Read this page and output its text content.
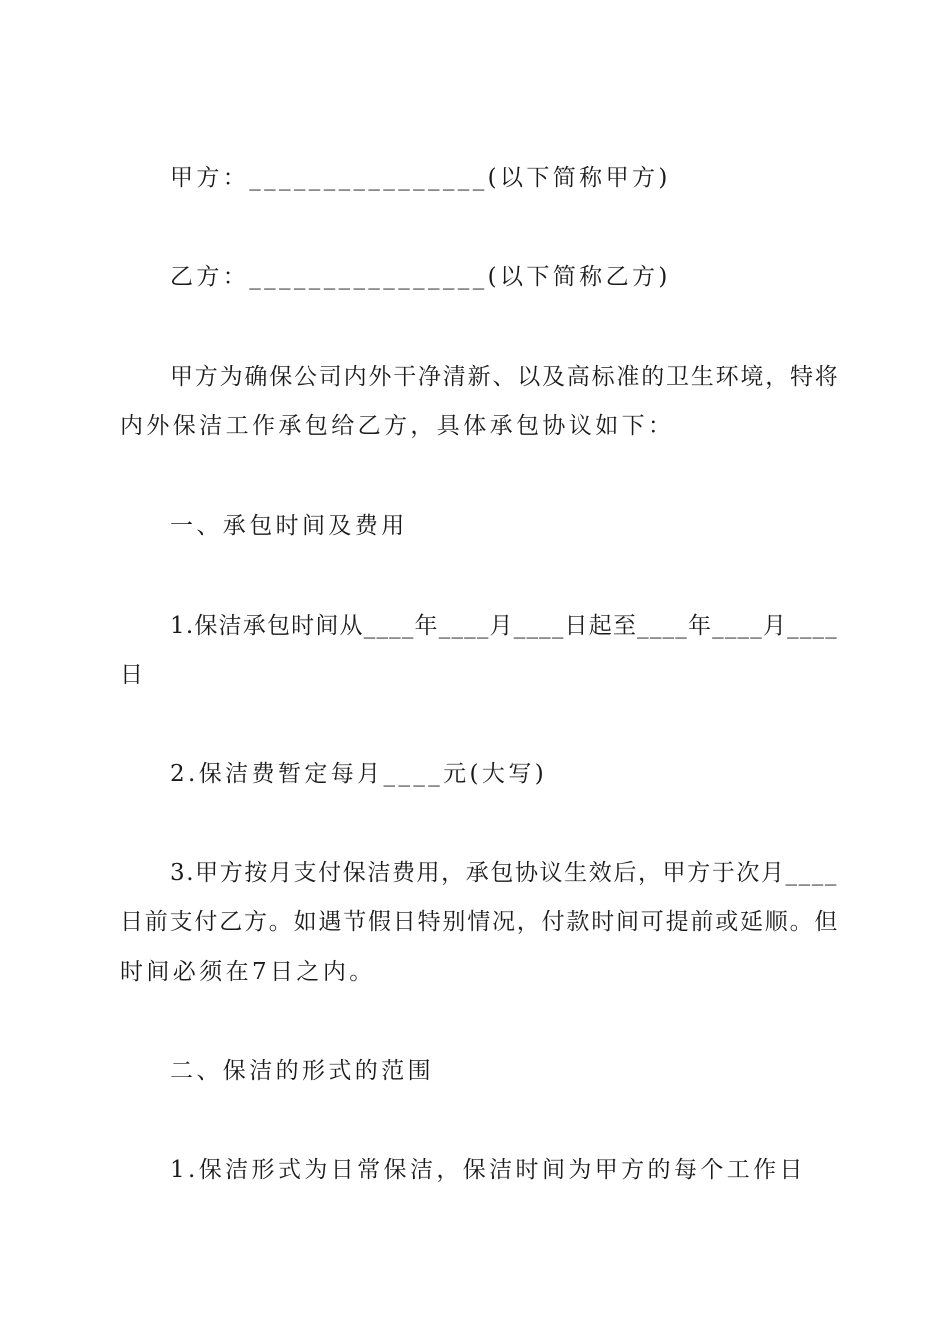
甲方：________________(以下简称甲方)
乙方：________________(以下简称乙方)
甲方为确保公司内外干净清新、以及高标准的卫生环境，特将
内外保洁工作承包给乙方，具体承包协议如下：
一、承包时间及费用
1.保洁承包时间从____年____月____日起至____年____月____
日
2.保洁费暂定每月____元(大写)
3.甲方按月支付保洁费用，承包协议生效后，甲方于次月____
日前支付乙方。如遇节假日特别情况，付款时间可提前或延顺。但
时间必须在7日之内。
二、保洁的形式的范围
1.保洁形式为日常保洁，保洁时间为甲方的每个工作日
